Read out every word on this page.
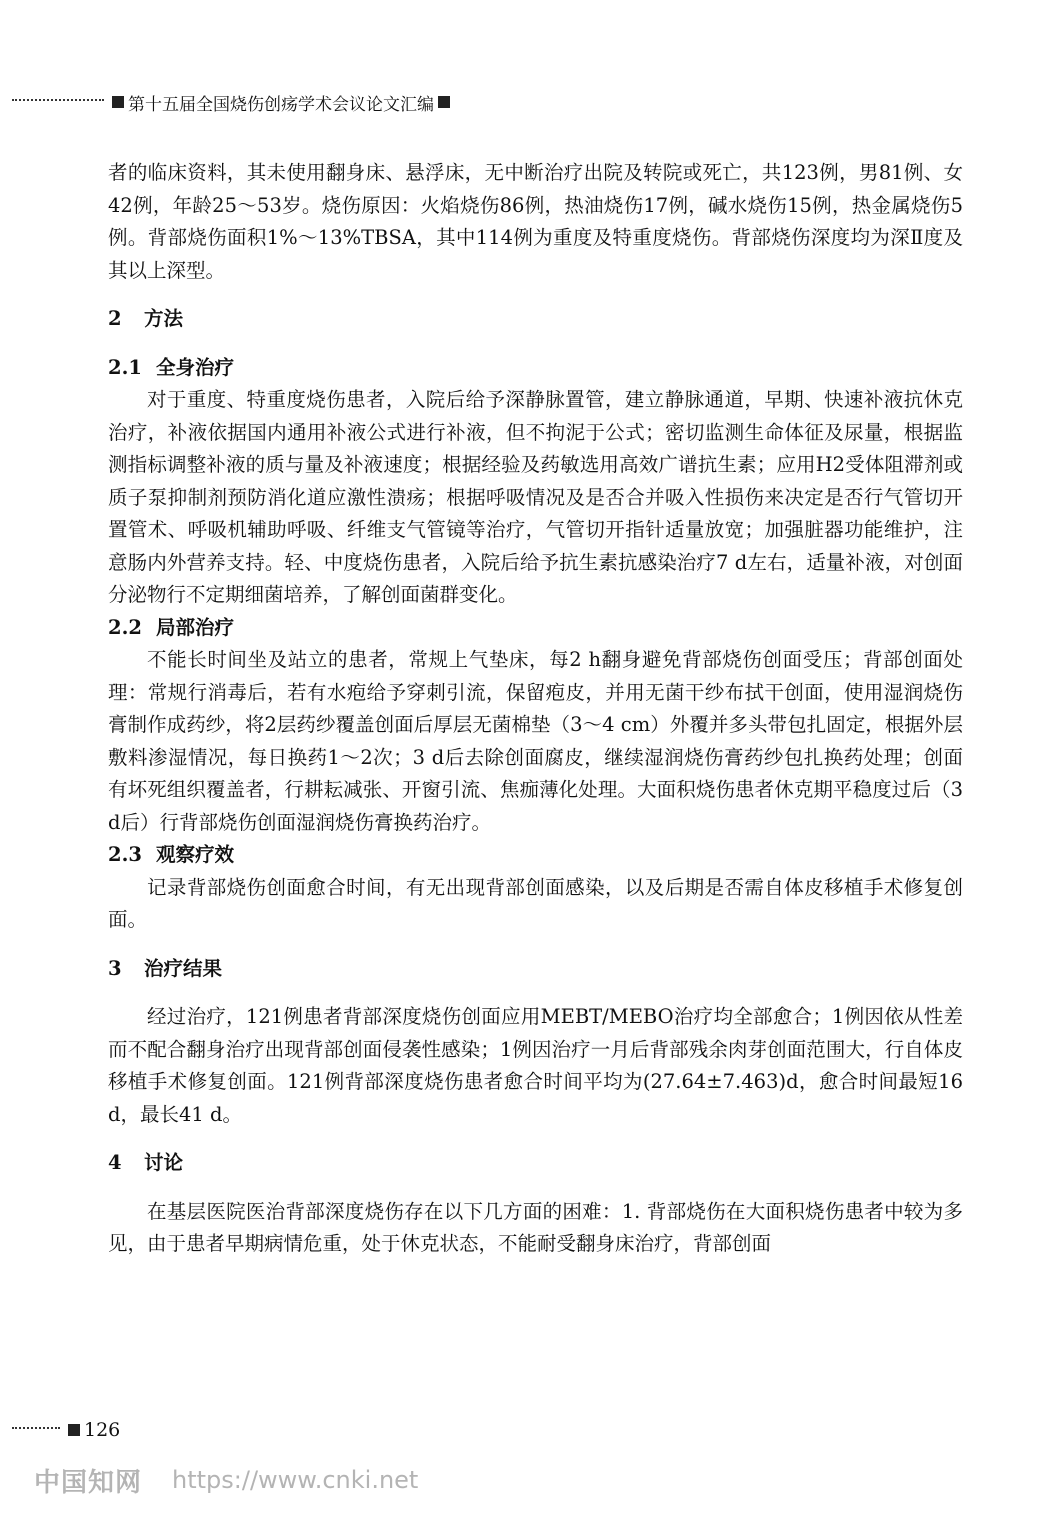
第十五届全国烧伤创疡学术会议论文汇编

者的临床资料，其未使用翻身床、悬浮床，无中断治疗出院及转院或死亡，共123例，男81例、女42例，年龄25～53岁。烧伤原因：火焰烧伤86例，热油烧伤17例，碱水烧伤15例，热金属烧伤5例。背部烧伤面积1%～13%TBSA，其中114例为重度及特重度烧伤。背部烧伤深度均为深Ⅱ度及其以上深型。

2 方法

2.1 全身治疗

对于重度、特重度烧伤患者，入院后给予深静脉置管，建立静脉通道，早期、快速补液抗休克治疗，补液依据国内通用补液公式进行补液，但不拘泥于公式；密切监测生命体征及尿量，根据监测指标调整补液的质与量及补液速度；根据经验及药敏选用高效广谱抗生素；应用H2受体阻滞剂或质子泵抑制剂预防消化道应激性溃疡；根据呼吸情况及是否合并吸入性损伤来决定是否行气管切开置管术、呼吸机辅助呼吸、纤维支气管镜等治疗，气管切开指针适量放宽；加强脏器功能维护，注意肠内外营养支持。轻、中度烧伤患者，入院后给予抗生素抗感染治疗7 d左右，适量补液，对创面分泌物行不定期细菌培养，了解创面菌群变化。

2.2 局部治疗

不能长时间坐及站立的患者，常规上气垫床，每2 h翻身避免背部烧伤创面受压；背部创面处理：常规行消毒后，若有水疱给予穿刺引流，保留疱皮，并用无菌干纱布拭干创面，使用湿润烧伤膏制作成药纱，将2层药纱覆盖创面后厚层无菌棉垫（3～4 cm）外覆并多头带包扎固定，根据外层敷料渗湿情况，每日换药1～2次；3 d后去除创面腐皮，继续湿润烧伤膏药纱包扎换药处理；创面有坏死组织覆盖者，行耕耘减张、开窗引流、焦痂薄化处理。大面积烧伤患者休克期平稳度过后（3 d后）行背部烧伤创面湿润烧伤膏换药治疗。

2.3 观察疗效

记录背部烧伤创面愈合时间，有无出现背部创面感染，以及后期是否需自体皮移植手术修复创面。

3 治疗结果

经过治疗，121例患者背部深度烧伤创面应用MEBT/MEBO治疗均全部愈合；1例因依从性差而不配合翻身治疗出现背部创面侵袭性感染；1例因治疗一月后背部残余肉芽创面范围大，行自体皮移植手术修复创面。121例背部深度烧伤患者愈合时间平均为(27.64±7.463)d，愈合时间最短16 d，最长41 d。

4 讨论

在基层医院医治背部深度烧伤存在以下几方面的困难：1. 背部烧伤在大面积烧伤患者中较为多见，由于患者早期病情危重，处于休克状态，不能耐受翻身床治疗，背部创面

126
中国知网 https://www.cnki.net
